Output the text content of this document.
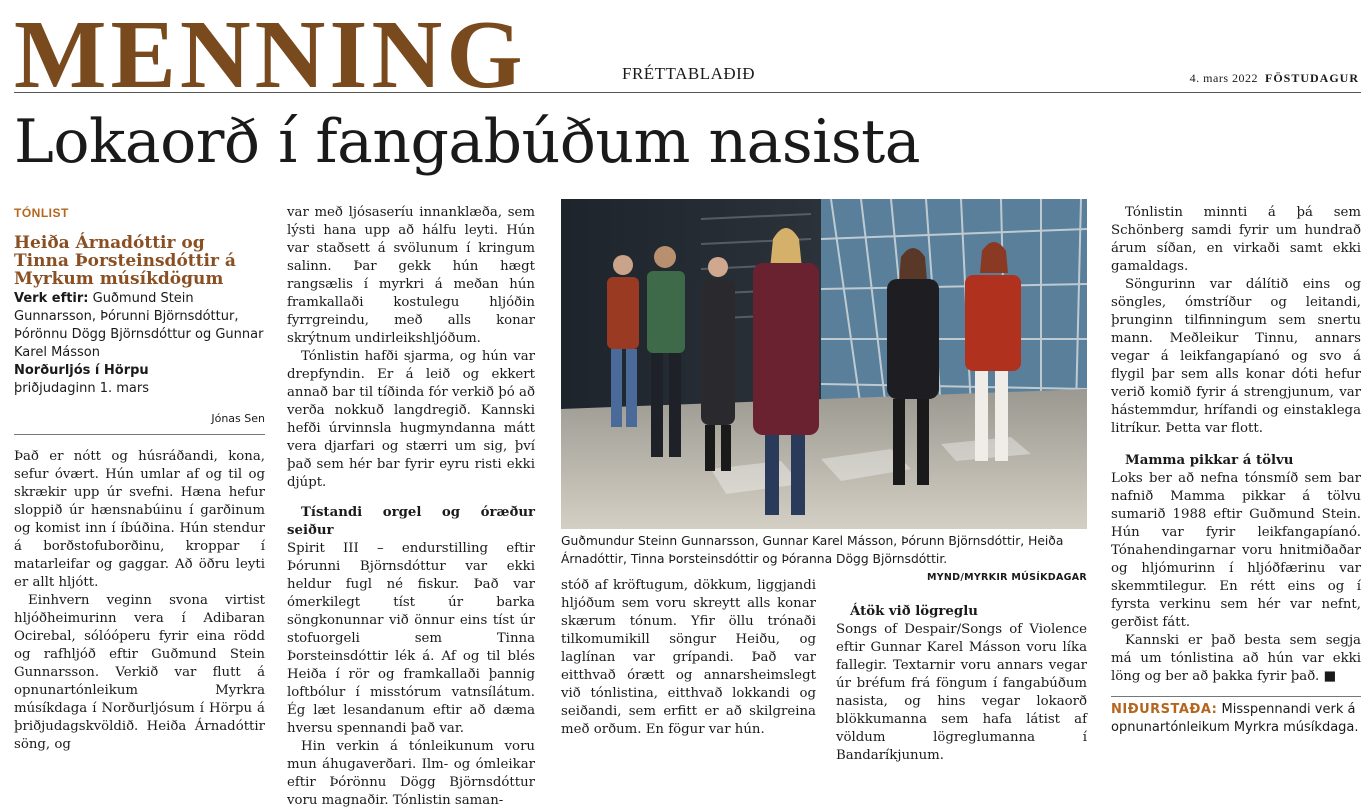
MENNING	FRÉTTABLAÐIÐ	4. mars 2022 FÖSTUDAGUR
Lokaorð í fangabúðum nasista
TÓNLIST
Heiða Árnadóttir og Tinna Þorsteinsdóttir á Myrkum músíkdögum
Verk eftir: Guðmund Stein Gunnarsson, Þórunni Björnsdóttur, Þórönnu Dögg Björnsdóttur og Gunnar Karel Másson
Norðurljós í Hörpu
þriðjudaginn 1. mars
Jónas Sen

Það er nótt og húsráðandi, kona, sefur óvært. Hún umlar af og til og skrækir upp úr svefni. Hæna hefur sloppið úr hænsnabúinu í garðinum og komist inn í íbúðina. Hún stendur á borðstofuborðinu, kroppar í matarleifar og gaggar. Að öðru leyti er allt hljótt.

Einhvern veginn svona virtist hljóðheimurinn vera í Adibaran Ocirebal, sólóóperu fyrir eina rödd og rafhljóð eftir Guðmund Stein Gunnarsson. Verkið var flutt á opnunartónleikum Myrkra músíkdaga í Norðurljósum í Hörpu á þriðjudagskvöldið. Heiða Árnadóttir söng, og

var með ljósaseríu innanklæða, sem lýsti hana upp að hálfu leyti. Hún var staðsett á svölunum í kringum salinn. Þar gekk hún hægt rangsælis í myrkri á meðan hún framkallaði kostulegu hljóðin fyrrgreindu, með alls konar skrýtnum undirleikshljóðum.

Tónlistin hafði sjarma, og hún var drepfyndin. Er á leið og ekkert annað bar til tíðinda fór verkið þó að verða nokkuð langdregið. Kannski hefði úrvinnsla hugmyndanna mátt vera djarfari og stærri um sig, því það sem hér bar fyrir eyru risti ekki djúpt.

Tístandi orgel og óræður seiður

Spirit III – endurstilling eftir Þórunni Björnsdóttur var ekki heldur fugl né fiskur. Það var ómerkilegt tíst úr barka söngkonunnar við önnur eins tíst úr stofuorgeli sem Tinna Þorsteinsdóttir lék á. Af og til blés Heiða í rör og framkallaði þannig loftbólur í misstórum vatnsílátum. Ég læt lesandanum eftir að dæma hversu spennandi það var.

Hin verkin á tónleikunum voru mun áhugaverðari. Ilm- og ómleikar eftir Þórönnu Dögg Björnsdóttur voru magnaðir. Tónlistin saman-

Guðmundur Steinn Gunnarsson, Gunnar Karel Másson, Þórunn Björnsdóttir, Heiða Árnadóttir, Tinna Þorsteinsdóttir og Þóranna Dögg Björnsdóttir.
MYND/MYRKIR MÚSÍKDAGAR

stóð af kröftugum, dökkum, liggjandi hljóðum sem voru skreytt alls konar skærum tónum. Yfir öllu trónaði tilkomumikill söngur Heiðu, og laglínan var grípandi. Það var eitthvað órætt og annarsheimslegt við tónlistina, eitthvað lokkandi og seiðandi, sem erfitt er að skilgreina með orðum. En fögur var hún.

Átök við lögreglu

Songs of Despair/Songs of Violence eftir Gunnar Karel Másson voru líka fallegir. Textarnir voru annars vegar úr bréfum frá föngum í fangabúðum nasista, og hins vegar lokaorð blökkumanna sem hafa látist af völdum lögreglumanna í Bandaríkjunum.

Tónlistin minnti á þá sem Schönberg samdi fyrir um hundrað árum síðan, en virkaði samt ekki gamaldags.

Söngurinn var dálítið eins og söngles, ómstríður og leitandi, þrunginn tilfinningum sem snertu mann. Meðleikur Tinnu, annars vegar á leikfangapíanó og svo á flygil þar sem alls konar dóti hefur verið komið fyrir á strengjunum, var hástemmdur, hrífandi og einstaklega litríkur. Þetta var flott.

Mamma pikkar á tölvu

Loks ber að nefna tónsmíð sem bar nafnið Mamma pikkar á tölvu sumarið 1988 eftir Guðmund Stein. Hún var fyrir leikfangapíanó. Tónahendingarnar voru hnitmiðaðar og hljómurinn í hljóðfærinu var skemmtilegur. En rétt eins og í fyrsta verkinu sem hér var nefnt, gerðist fátt.

Kannski er það besta sem segja má um tónlistina að hún var ekki löng og ber að þakka fyrir það. ■

NIÐURSTAÐA: Misspennandi verk á opnunartónleikum Myrkra músíkdaga.
